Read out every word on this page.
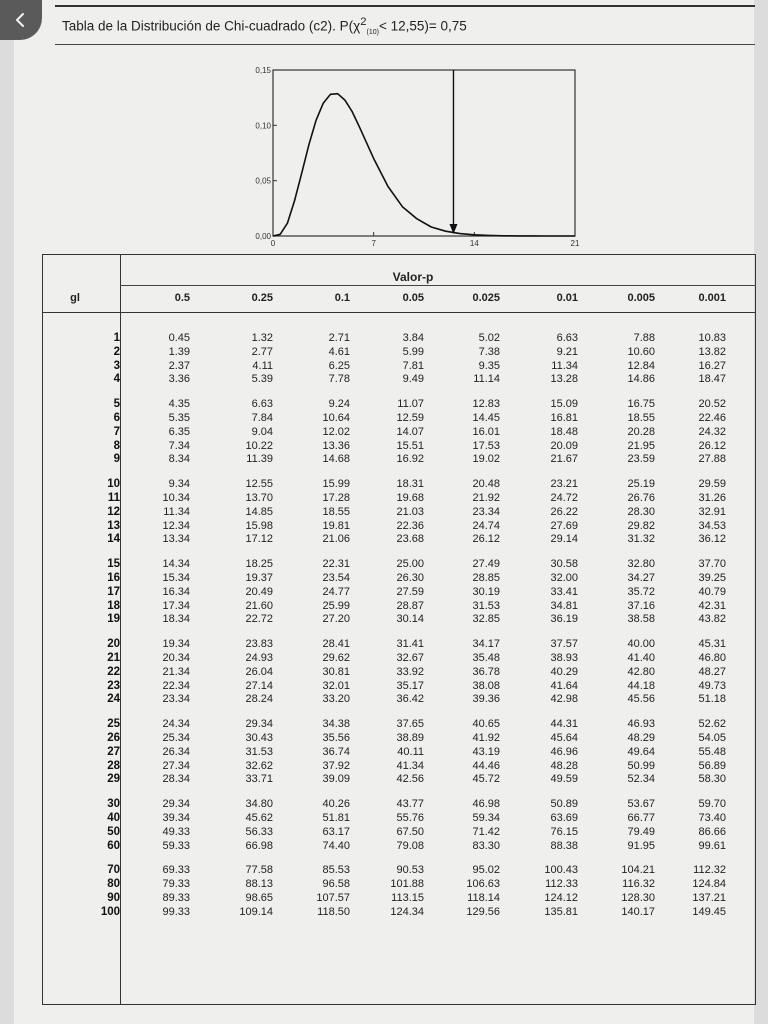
Tabla de la Distribución de Chi-cuadrado (c2). $P(\chi^2_{(10)}< 12,55)= 0,75$
0,00
0,05
0,10
0,15
0	7	14	21
Valor-p
gl	0.5	0.25	0.1	0.05	0.025	0.01	0.005	0.001
1	0.45	1.32	2.71	3.84	5.02	6.63	7.88	10.83
2	1.39	2.77	4.61	5.99	7.38	9.21	10.60	13.82
3	2.37	4.11	6.25	7.81	9.35	11.34	12.84	16.27
4	3.36	5.39	7.78	9.49	11.14	13.28	14.86	18.47
5	4.35	6.63	9.24	11.07	12.83	15.09	16.75	20.52
6	5.35	7.84	10.64	12.59	14.45	16.81	18.55	22.46
7	6.35	9.04	12.02	14.07	16.01	18.48	20.28	24.32
8	7.34	10.22	13.36	15.51	17.53	20.09	21.95	26.12
9	8.34	11.39	14.68	16.92	19.02	21.67	23.59	27.88
10	9.34	12.55	15.99	18.31	20.48	23.21	25.19	29.59
11	10.34	13.70	17.28	19.68	21.92	24.72	26.76	31.26
12	11.34	14.85	18.55	21.03	23.34	26.22	28.30	32.91
13	12.34	15.98	19.81	22.36	24.74	27.69	29.82	34.53
14	13.34	17.12	21.06	23.68	26.12	29.14	31.32	36.12
15	14.34	18.25	22.31	25.00	27.49	30.58	32.80	37.70
16	15.34	19.37	23.54	26.30	28.85	32.00	34.27	39.25
17	16.34	20.49	24.77	27.59	30.19	33.41	35.72	40.79
18	17.34	21.60	25.99	28.87	31.53	34.81	37.16	42.31
19	18.34	22.72	27.20	30.14	32.85	36.19	38.58	43.82
20	19.34	23.83	28.41	31.41	34.17	37.57	40.00	45.31
21	20.34	24.93	29.62	32.67	35.48	38.93	41.40	46.80
22	21.34	26.04	30.81	33.92	36.78	40.29	42.80	48.27
23	22.34	27.14	32.01	35.17	38.08	41.64	44.18	49.73
24	23.34	28.24	33.20	36.42	39.36	42.98	45.56	51.18
25	24.34	29.34	34.38	37.65	40.65	44.31	46.93	52.62
26	25.34	30.43	35.56	38.89	41.92	45.64	48.29	54.05
27	26.34	31.53	36.74	40.11	43.19	46.96	49.64	55.48
28	27.34	32.62	37.92	41.34	44.46	48.28	50.99	56.89
29	28.34	33.71	39.09	42.56	45.72	49.59	52.34	58.30
30	29.34	34.80	40.26	43.77	46.98	50.89	53.67	59.70
40	39.34	45.62	51.81	55.76	59.34	63.69	66.77	73.40
50	49.33	56.33	63.17	67.50	71.42	76.15	79.49	86.66
60	59.33	66.98	74.40	79.08	83.30	88.38	91.95	99.61
70	69.33	77.58	85.53	90.53	95.02	100.43	104.21	112.32
80	79.33	88.13	96.58	101.88	106.63	112.33	116.32	124.84
90	89.33	98.65	107.57	113.15	118.14	124.12	128.30	137.21
100	99.33	109.14	118.50	124.34	129.56	135.81	140.17	149.45
